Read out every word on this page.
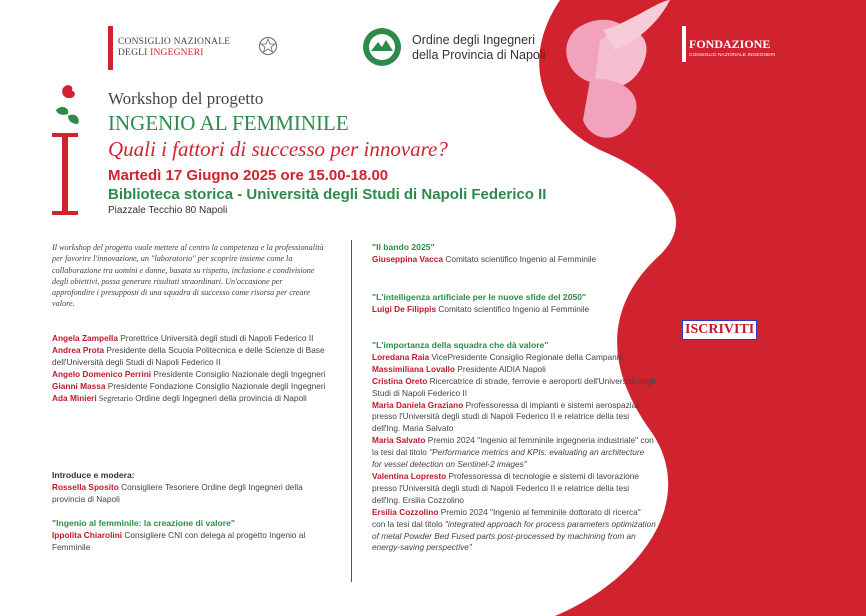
CONSIGLIO NAZIONALE
DEGLI INGEGNERI
Ordine degli Ingegneri
della Provincia di Napoli
FONDAZIONE
CONSIGLIO NAZIONALE INGEGNERI
Workshop del progetto
INGENIO AL FEMMINILE
Quali i fattori di successo per innovare?
Martedì 17 Giugno 2025 ore 15.00-18.00
Biblioteca storica - Università degli Studi di Napoli Federico II
Piazzale Tecchio 80 Napoli
Il workshop del progetto vuole mettere al centro la competenza e la professionalità per favorire l'innovazione, un "laboratorio" per scoprire insieme come la collaborazione tra uomini e donne, basata su rispetto, inclusione e condivisione degli obiettivi, possa generare risultati straordinari. Un'occasione per approfondire i presupposti di una squadra di successo come risorsa per creare valore.
Angela Zampella Prorettrice Università degli studi di Napoli Federico II
Andrea Prota Presidente della Scuola Politecnica e delle Scienze di Base dell'Università degli Studi di Napoli Federico II
Angelo Domenico Perrini Presidente Consiglio Nazionale degli Ingegneri
Gianni Massa Presidente Fondazione Consiglio Nazionale degli Ingegneri
Ada Minieri Segretario Ordine degli Ingegneri della provincia di Napoli
Introduce e modera:
Rossella Sposito Consigliere Tesoriere Ordine degli Ingegneri della provincia di Napoli
"Ingenio al femminile: la creazione di valore"
Ippolita Chiarolini Consigliere CNI con delega al progetto Ingenio al Femminile
"Il bando 2025"
Giuseppina Vacca Comitato scientifico Ingenio al Femminile
"L'intelligenza artificiale per le nuove sfide del 2050"
Luigi De Filippis Comitato scientifico Ingenio al Femminile
"L'importanza della squadra che dà valore"
Loredana Raia VicePresidente Consiglio Regionale della Campania
Massimiliana Lovallo Presidente AIDIA Napoli
Cristina Oreto Ricercatrice di strade, ferrovie e aeroporti dell'Università degli Studi di Napoli Federico II
Maria Daniela Graziano Professoressa di impianti e sistemi aerospaziali presso l'Università degli studi di Napoli Federico II e relatrice della tesi dell'Ing. Maria Salvato
Maria Salvato Premio 2024 "Ingenio al femminile ingegneria industriale" con la tesi dal titolo "Performance metrics and KPIs: evaluating an architecture for vessel detection on Sentinel-2 images"
Valentina Lopresto Professoressa di tecnologie e sistemi di lavorazione presso l'Università degli studi di Napoli Federico II e relatrice della tesi dell'Ing. Ersilia Cozzolino
Ersilia Cozzolino Premio 2024 "Ingenio al femminile dottorato di ricerca" con la tesi dal titolo "integrated approach for process parameters optimization of metal Powder Bed Fused parts post-processed by machining from an energy-saving perspective"
ISCRIVITI
